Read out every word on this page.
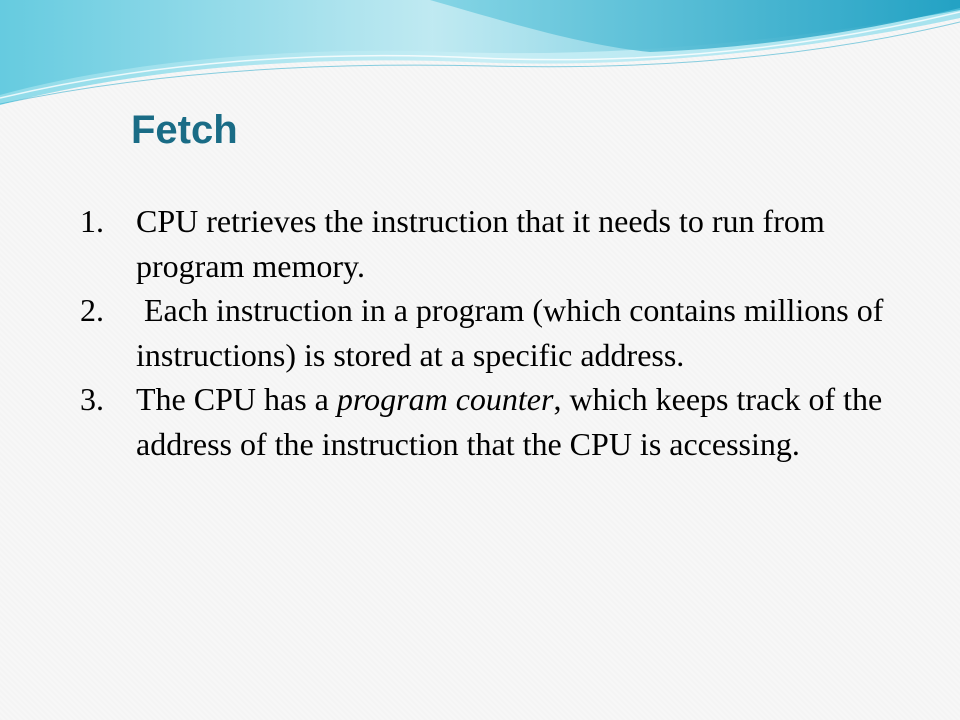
Fetch
1.	CPU retrieves the instruction that it needs to run from program memory.
2.	Each instruction in a program (which contains millions of instructions) is stored at a specific address.
3.	The CPU has a program counter, which keeps track of the address of the instruction that the CPU is accessing.
